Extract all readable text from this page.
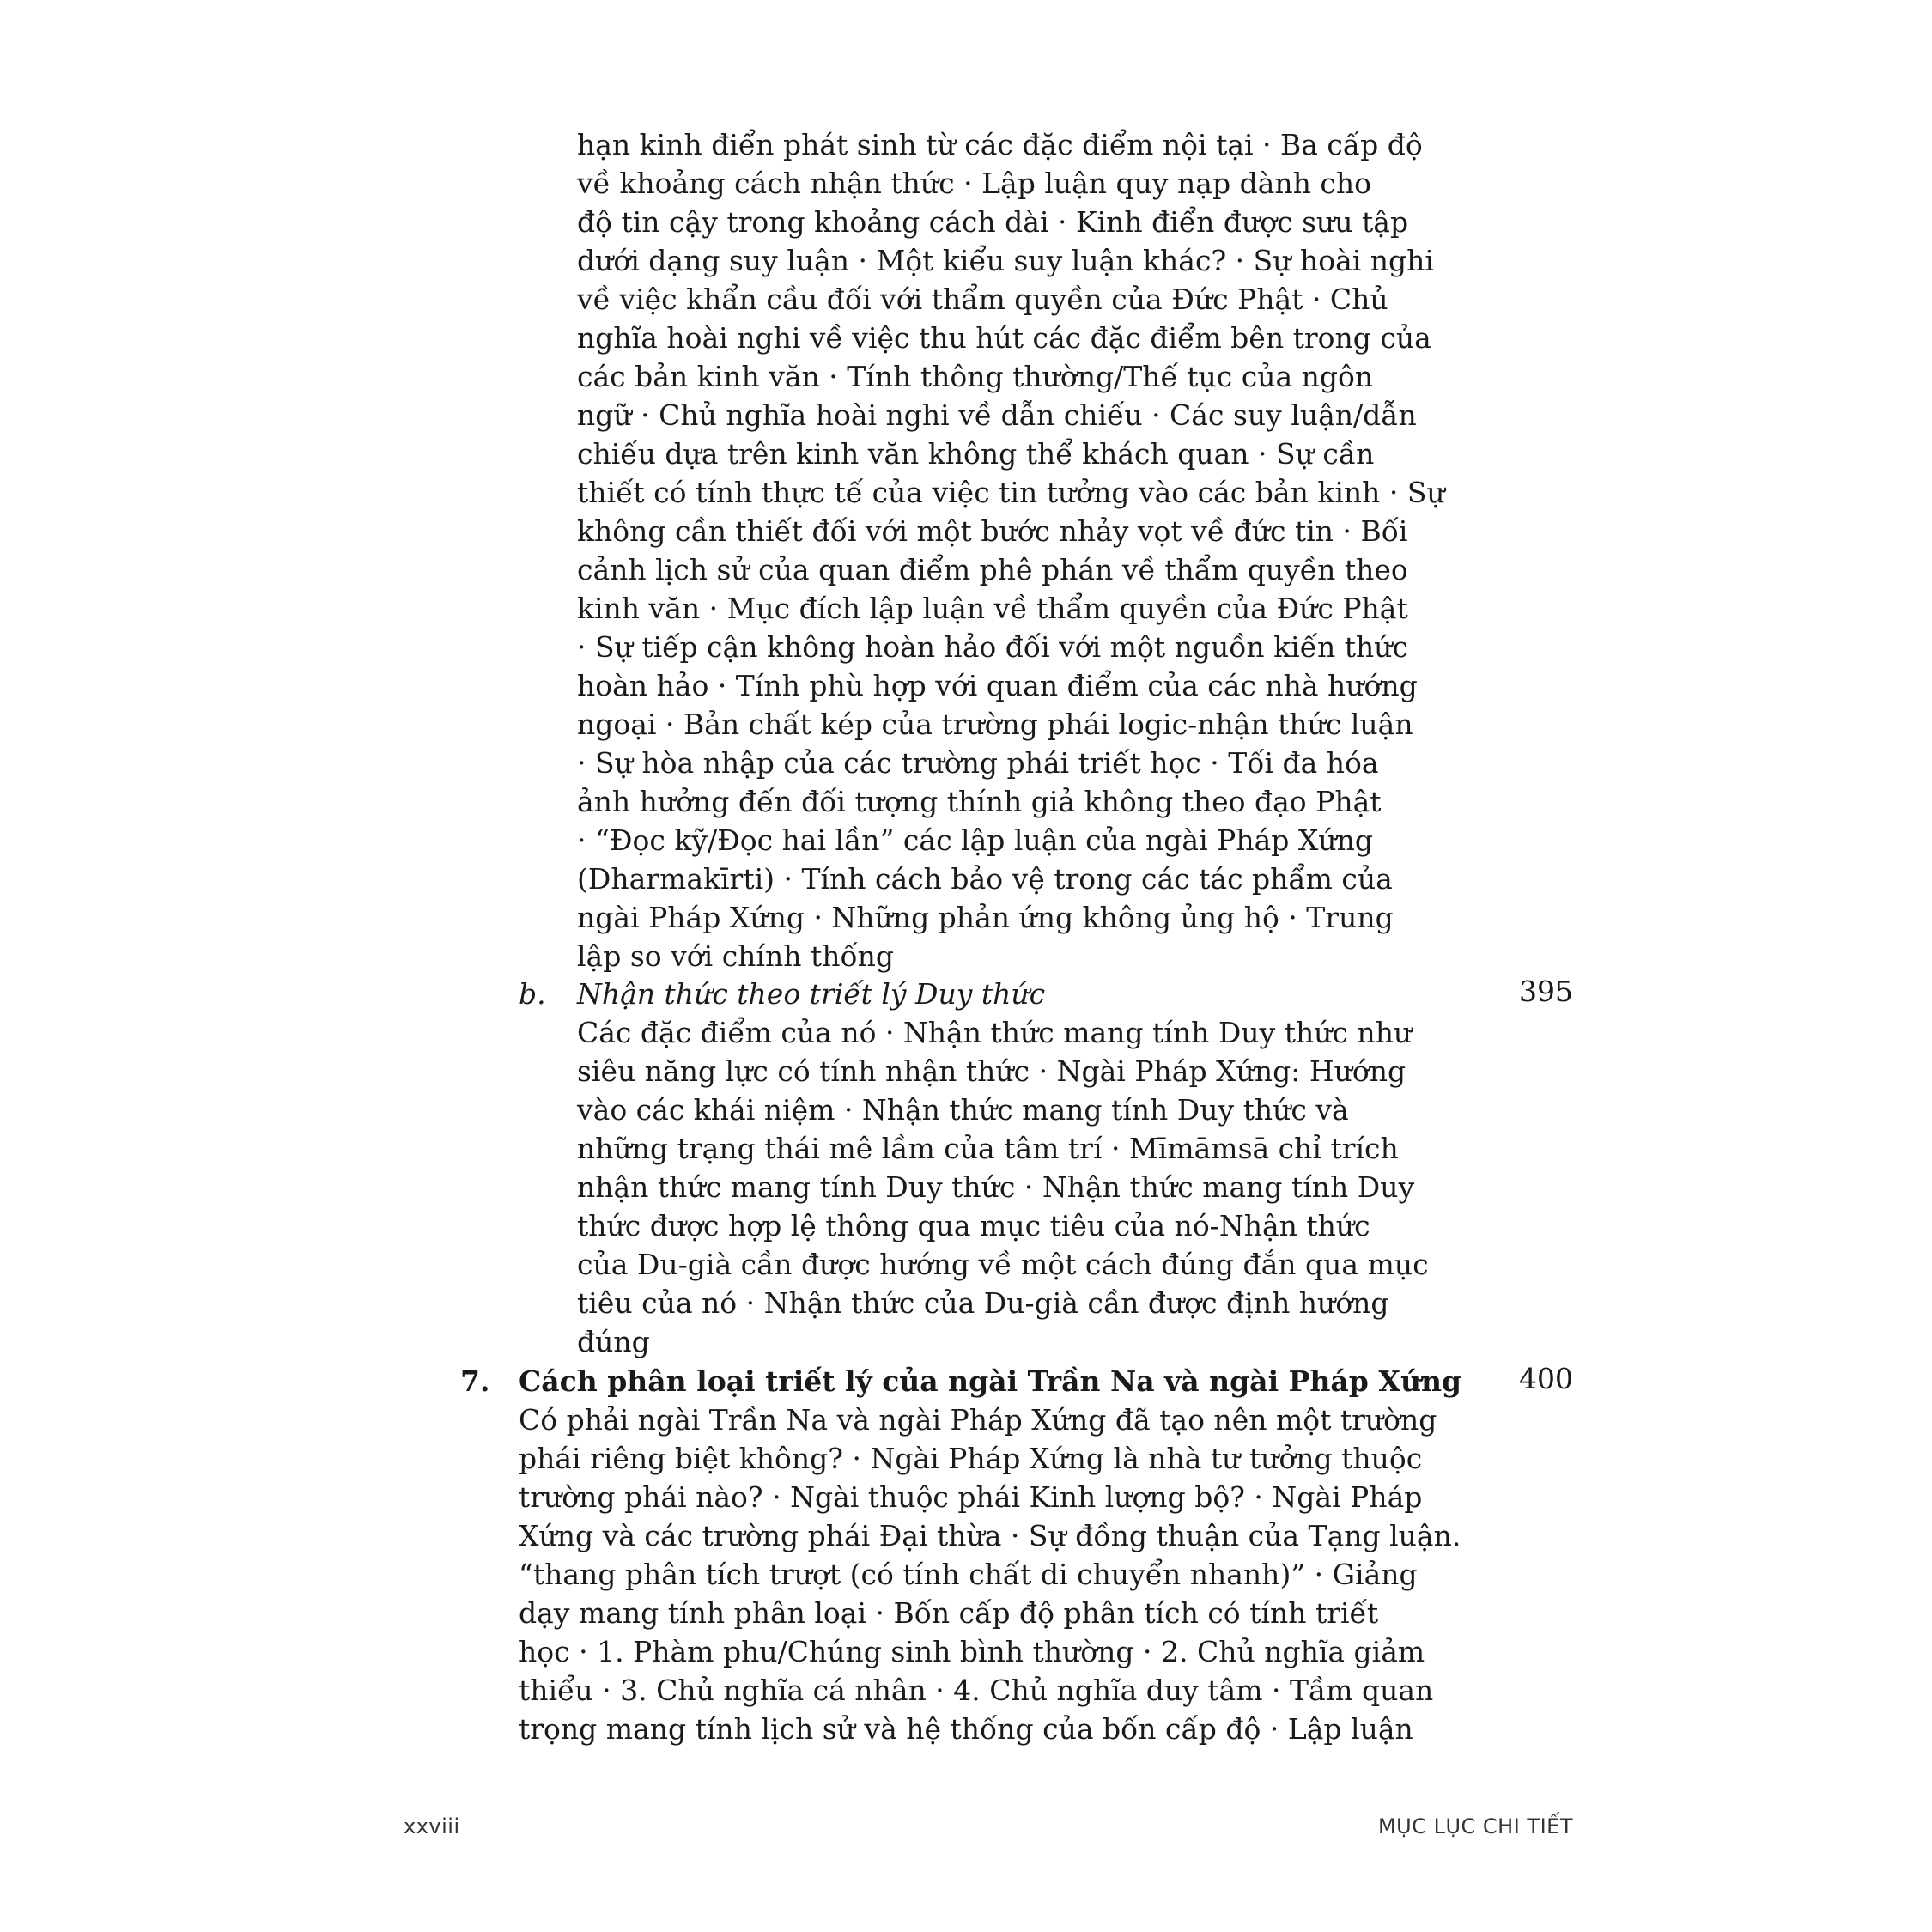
hạn kinh điển phát sinh từ các đặc điểm nội tại · Ba cấp độ
về khoảng cách nhận thức · Lập luận quy nạp dành cho
độ tin cậy trong khoảng cách dài · Kinh điển được sưu tập
dưới dạng suy luận · Một kiểu suy luận khác? · Sự hoài nghi
về việc khẩn cầu đối với thẩm quyền của Đức Phật · Chủ
nghĩa hoài nghi về việc thu hút các đặc điểm bên trong của
các bản kinh văn · Tính thông thường/Thế tục của ngôn
ngữ · Chủ nghĩa hoài nghi về dẫn chiếu · Các suy luận/dẫn
chiếu dựa trên kinh văn không thể khách quan · Sự cần
thiết có tính thực tế của việc tin tưởng vào các bản kinh · Sự
không cần thiết đối với một bước nhảy vọt về đức tin · Bối
cảnh lịch sử của quan điểm phê phán về thẩm quyền theo
kinh văn · Mục đích lập luận về thẩm quyền của Đức Phật
· Sự tiếp cận không hoàn hảo đối với một nguồn kiến thức
hoàn hảo · Tính phù hợp với quan điểm của các nhà hướng
ngoại · Bản chất kép của trường phái logic-nhận thức luận
· Sự hòa nhập của các trường phái triết học · Tối đa hóa
ảnh hưởng đến đối tượng thính giả không theo đạo Phật
· “Đọc kỹ/Đọc hai lần” các lập luận của ngài Pháp Xứng
(Dharmakīrti) · Tính cách bảo vệ trong các tác phẩm của
ngài Pháp Xứng · Những phản ứng không ủng hộ · Trung
lập so với chính thống
b. Nhận thức theo triết lý Duy thức	395
Các đặc điểm của nó · Nhận thức mang tính Duy thức như
siêu năng lực có tính nhận thức · Ngài Pháp Xứng: Hướng
vào các khái niệm · Nhận thức mang tính Duy thức và
những trạng thái mê lầm của tâm trí · Mīmāmsā chỉ trích
nhận thức mang tính Duy thức · Nhận thức mang tính Duy
thức được hợp lệ thông qua mục tiêu của nó-Nhận thức
của Du-già cần được hướng về một cách đúng đắn qua mục
tiêu của nó · Nhận thức của Du-già cần được định hướng
đúng
7. Cách phân loại triết lý của ngài Trần Na và ngài Pháp Xứng 400
Có phải ngài Trần Na và ngài Pháp Xứng đã tạo nên một trường
phái riêng biệt không? · Ngài Pháp Xứng là nhà tư tưởng thuộc
trường phái nào? · Ngài thuộc phái Kinh lượng bộ? · Ngài Pháp
Xứng và các trường phái Đại thừa · Sự đồng thuận của Tạng luận.
“thang phân tích trượt (có tính chất di chuyển nhanh)” · Giảng
dạy mang tính phân loại · Bốn cấp độ phân tích có tính triết
học · 1. Phàm phu/Chúng sinh bình thường · 2. Chủ nghĩa giảm
thiểu · 3. Chủ nghĩa cá nhân · 4. Chủ nghĩa duy tâm · Tầm quan
trọng mang tính lịch sử và hệ thống của bốn cấp độ · Lập luận
xxviii	MỤC LỤC CHI TIẾT
